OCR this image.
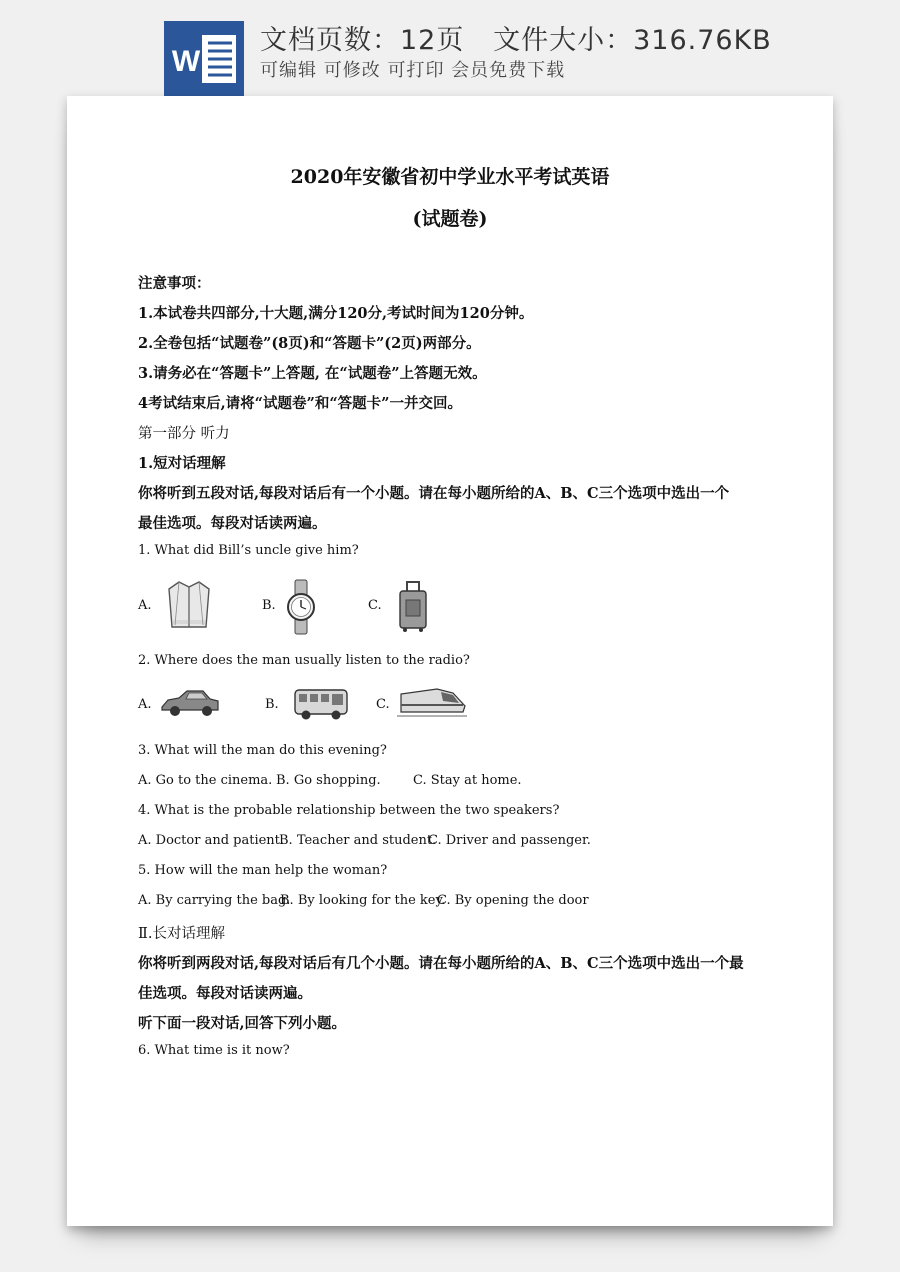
W
文档页数：12页   文件大小：316.76KB
可编辑 可修改 可打印 会员免费下载
2020年安徽省初中学业水平考试英语
(试题卷)
注意事项：
1.本试卷共四部分,十大题,满分120分,考试时间为120分钟。
2.全卷包括“试题卷”(8页)和“答题卡”(2页)两部分。
3.请务必在“答题卡”上答题, 在“试题卷”上答题无效。
4考试结束后,请将“试题卷”和“答题卡”一并交回。
第一部分 听力
1.短对话理解
你将听到五段对话,每段对话后有一个小题。请在每小题所给的A、B、C三个选项中选出一个
最佳选项。每段对话读两遍。
1. What did Bill’s uncle give him?
A.	B.	C.
2. Where does the man usually listen to the radio?
A.	B.	C.
3. What will the man do this evening?
A. Go to the cinema. B. Go shopping. C. Stay at home.
4. What is the probable relationship between the two speakers?
A. Doctor and patient.
B. Teacher and student.
C. Driver and passenger.
5. How will the man help the woman?
A. By carrying the bag.
B. By looking for the key.
C. By opening the door
Ⅱ.长对话理解
你将听到两段对话,每段对话后有几个小题。请在每小题所给的A、B、C三个选项中选出一个最
佳选项。每段对话读两遍。
听下面一段对话,回答下列小题。
6. What time is it now?
